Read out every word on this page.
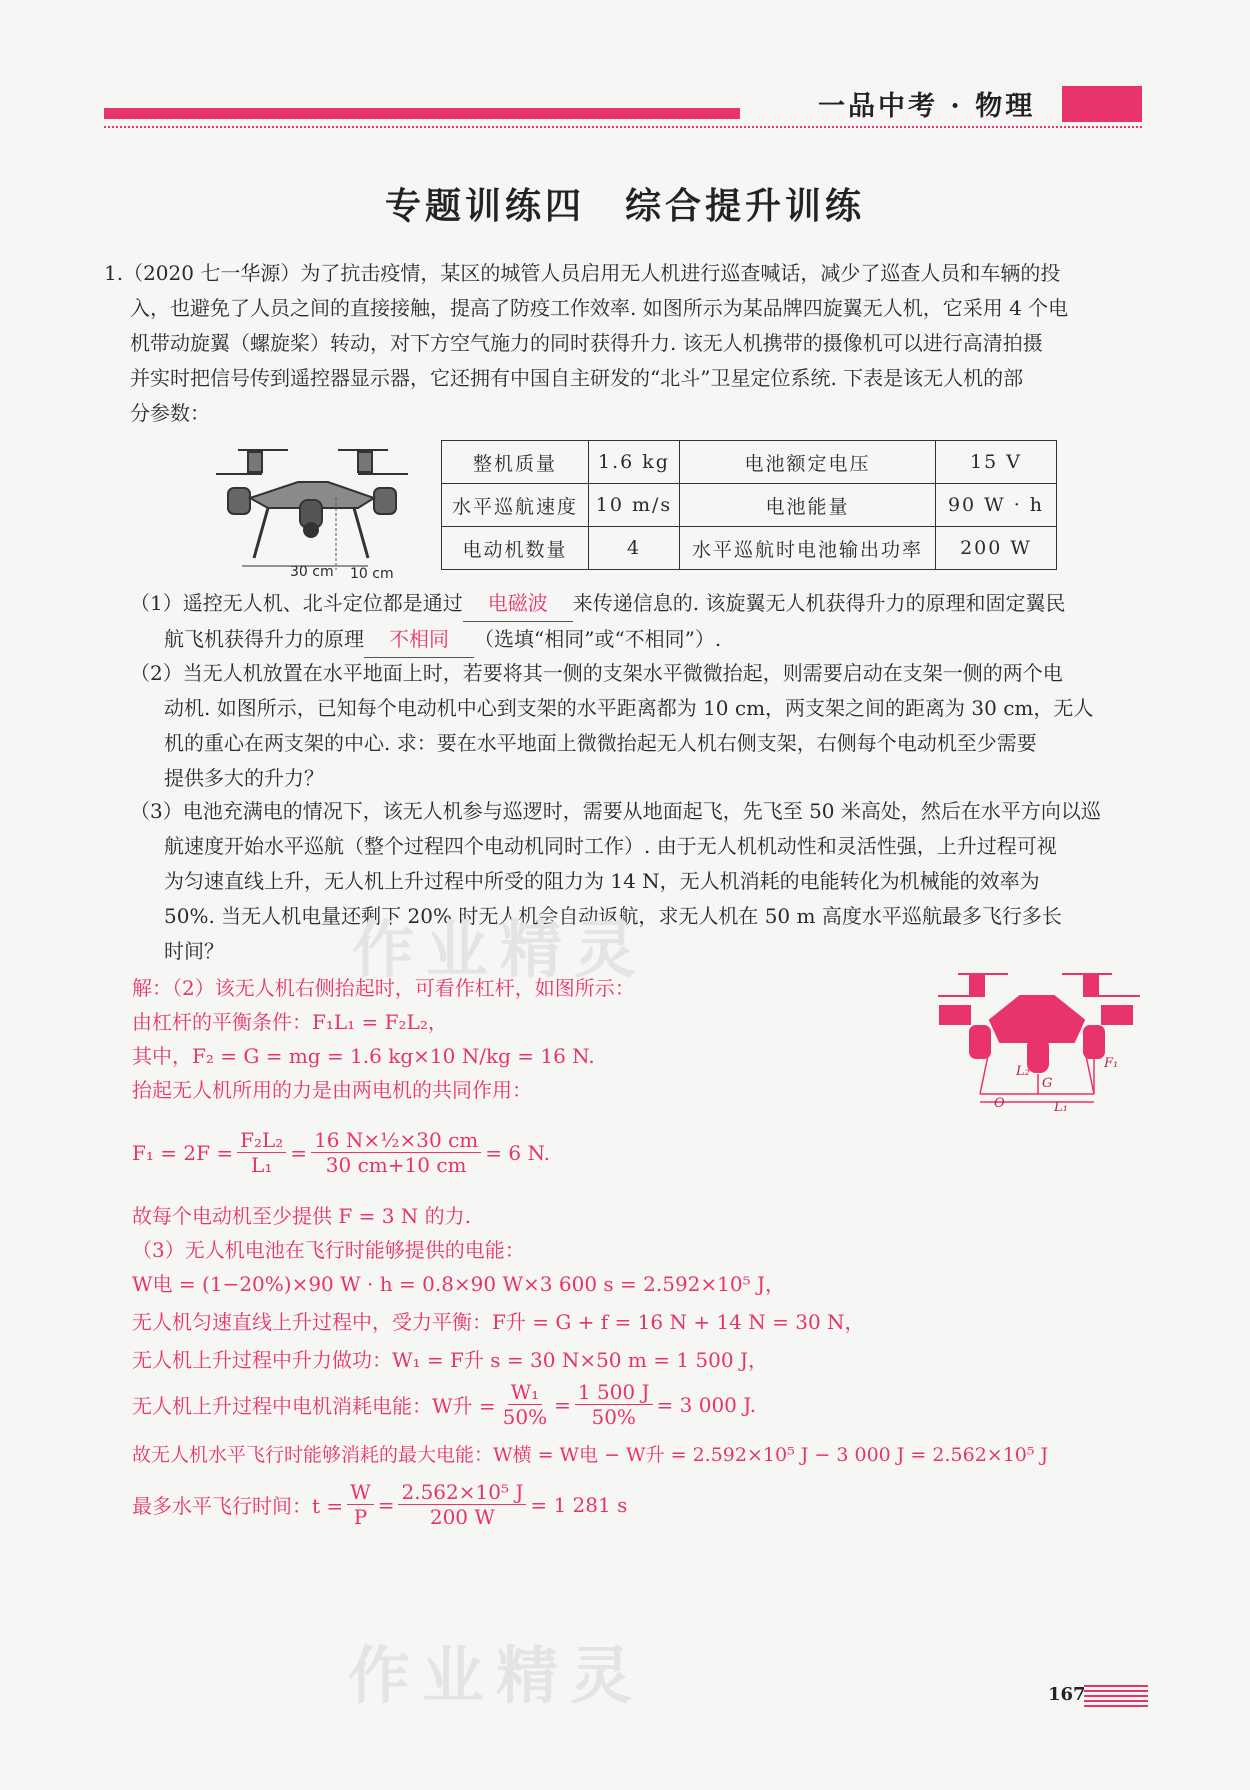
一品中考 · 物理
专题训练四　综合提升训练
1.（2020 七一华源）为了抗击疫情，某区的城管人员启用无人机进行巡查喊话，减少了巡查人员和车辆的投
入，也避免了人员之间的直接接触，提高了防疫工作效率. 如图所示为某品牌四旋翼无人机，它采用 4 个电
机带动旋翼（螺旋桨）转动，对下方空气施力的同时获得升力. 该无人机携带的摄像机可以进行高清拍摄
并实时把信号传到遥控器显示器，它还拥有中国自主研发的“北斗”卫星定位系统. 下表是该无人机的部
分参数：
30 cm 10 cm
整机质量	1.6 kg	电池额定电压	15 V
水平巡航速度	10 m/s	电池能量	90 W · h
电动机数量	4	水平巡航时电池输出功率	200 W
（1）遥控无人机、北斗定位都是通过 电磁波 来传递信息的. 该旋翼无人机获得升力的原理和固定翼民
航飞机获得升力的原理 不相同 （选填“相同”或“不相同”）.
（2）当无人机放置在水平地面上时，若要将其一侧的支架水平微微抬起，则需要启动在支架一侧的两个电
动机. 如图所示，已知每个电动机中心到支架的水平距离都为 10 cm，两支架之间的距离为 30 cm，无人
机的重心在两支架的中心. 求：要在水平地面上微微抬起无人机右侧支架，右侧每个电动机至少需要
提供多大的升力？
（3）电池充满电的情况下，该无人机参与巡逻时，需要从地面起飞，先飞至 50 米高处，然后在水平方向以巡
航速度开始水平巡航（整个过程四个电动机同时工作）. 由于无人机机动性和灵活性强，上升过程可视
为匀速直线上升，无人机上升过程中所受的阻力为 14 N，无人机消耗的电能转化为机械能的效率为
50%. 当无人机电量还剩下 20% 时无人机会自动返航，求无人机在 50 m 高度水平巡航最多飞行多长
时间？	作业精灵
作业精灵
解：（2）该无人机右侧抬起时，可看作杠杆，如图所示：
由杠杆的平衡条件：F₁L₁ = F₂L₂，
其中，F₂ = G = mg = 1.6 kg×10 N/kg = 16 N.
抬起无人机所用的力是由两电机的共同作用：
$F_1 = 2F = \frac{\text{F₂L₂}}{\text{L₁}} = \frac{\text{16 N×½×30 cm}}{30 cm+10 cm} = 6$ N.
故每个电动机至少提供 F = 3 N 的力.
（3）无人机电池在飞行时能够提供的电能：
W电 = (1−20%)×90 W · h = 0.8×90 W×3 600 s = 2.592×10⁵ J，
无人机匀速直线上升过程中，受力平衡：F升 = G + f = 16 N + 14 N = 30 N，
无人机上升过程中升力做功：W₁ = F升 s = 30 N×50 m = 1 500 J，
无人机上升过程中电机消耗电能：W升 = $\frac{\text{W₁}}{50\%} = \frac{1 500 J}{50\%} = 3$ 000 J.
故无人机水平飞行时能够消耗的最大电能：W横 = W电 − W升 = 2.592×10⁵ J − 3 000 J = 2.562×10⁵ J
最多水平飞行时间：$t = \frac{W}{P} = \frac{\text{2.562×10⁵ J}}{200 W} = 1$ 281 s
L₂
G
F₁
O	L₁
167
